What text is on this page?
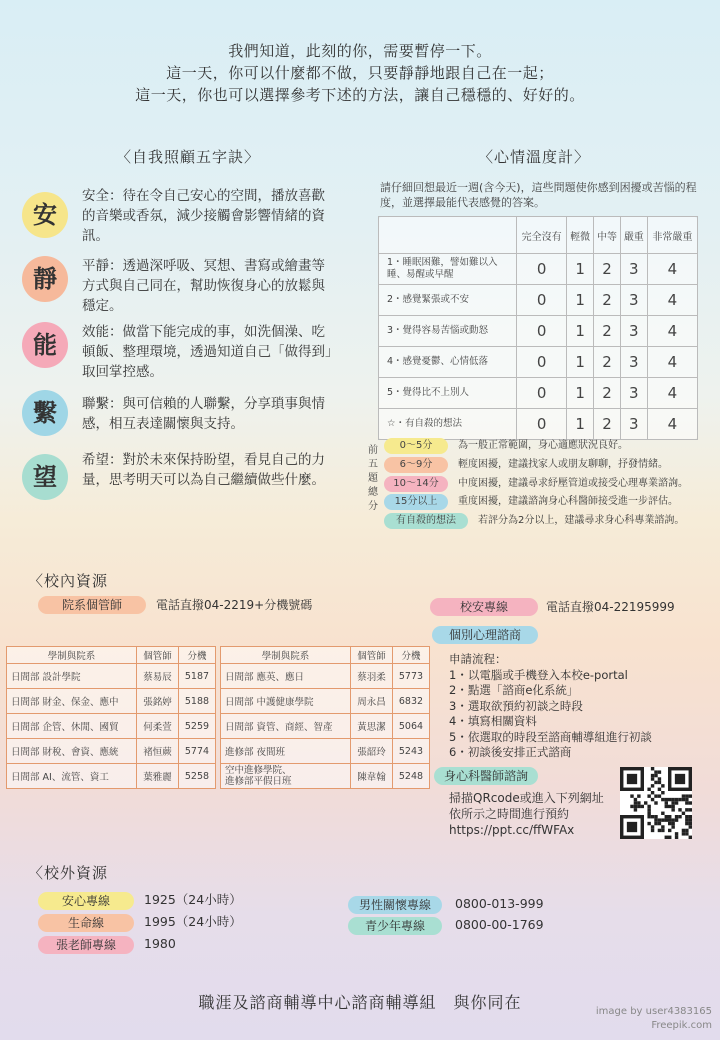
我們知道，此刻的你，需要暫停一下。
這一天，你可以什麼都不做，只要靜靜地跟自己在一起；
這一天，你也可以選擇參考下述的方法，讓自己穩穩的、好好的。
〈自我照顧五字訣〉
安
安全：待在令自己安心的空間，播放喜歡的音樂或香氛，減少接觸會影響情緒的資訊。
靜	平靜：透過深呼吸、冥想、書寫或繪畫等方式與自己同在，幫助恢復身心的放鬆與穩定。
能	效能：做當下能完成的事，如洗個澡、吃頓飯、整理環境，透過知道自己「做得到」取回掌控感。
繫	聯繫：與可信賴的人聯繫，分享瑣事與情感，相互表達關懷與支持。
望
希望：對於未來保持盼望，看見自己的力量，思考明天可以為自己繼續做些什麼。
〈心情溫度計〉
請仔細回想最近一週(含今天)，這些問題使你感到困擾或苦惱的程度，並選擇最能代表感覺的答案。
	完全沒有	輕微	中等	嚴重	非常嚴重
1・睡眠困難，譬如難以入睡、易醒或早醒	0	1	2	3	4
2・感覺緊張或不安	0	1	2	3	4
3・覺得容易苦惱或動怒	0	1	2	3	4
4・感覺憂鬱、心情低落	0	1	2	3	4
5・覺得比不上別人	0	1	2	3	4
☆・有自殺的想法	0	1	2	3	4
前五題總分
0〜5分	為一般正常範圍，身心適應狀況良好。
6〜9分	輕度困擾，建議找家人或朋友聊聊，抒發情緒。
10〜14分 中度困擾，建議尋求紓壓管道或接受心理專業諮詢。
15分以上 重度困擾，建議諮詢身心科醫師接受進一步評估。
有自殺的想法 若評分為2分以上，建議尋求身心科專業諮詢。
〈校內資源
院系個管師	電話直撥04-2219+分機號碼	校安專線	電話直撥04-22195999
學制與院系	個管師	分機
日間部 設計學院	蔡易辰	5187
日間部 財金、保金、應中	張銘婷	5188
日間部 企管、休閒、國貿	何柔萱	5259
日間部 財稅、會資、應統	褚恒蕨	5774
日間部 AI、流管、資工	葉雅麗	5258
學制與院系	個管師	分機
日間部 應英、應日	蔡羽柔	5773
日間部 中護健康學院	周永昌	6832
日間部 資管、商經、智產	黃思潔	5064
進修部 夜間班	張韶玲	5243
空中進修學院、
進修部平假日班	陳韋翰	5248
個別心理諮商
申請流程：
1・以電腦或手機登入本校e-portal
2・點選「諮商e化系統」
3・選取欲預約初談之時段
4・填寫相關資料
5・依選取的時段至諮商輔導組進行初談
6・初談後安排正式諮商
身心科醫師諮詢
掃描QRcode或進入下列網址
依所示之時間進行預約
https://ppt.cc/ffWFAx
〈校外資源
安心專線	1925（24小時）
生命線	1995（24小時）
張老師專線	1980
男性關懷專線	0800-013-999
青少年專線	0800-00-1769
職涯及諮商輔導中心諮商輔導組　與你同在	image by user4383165
Freepik.com
